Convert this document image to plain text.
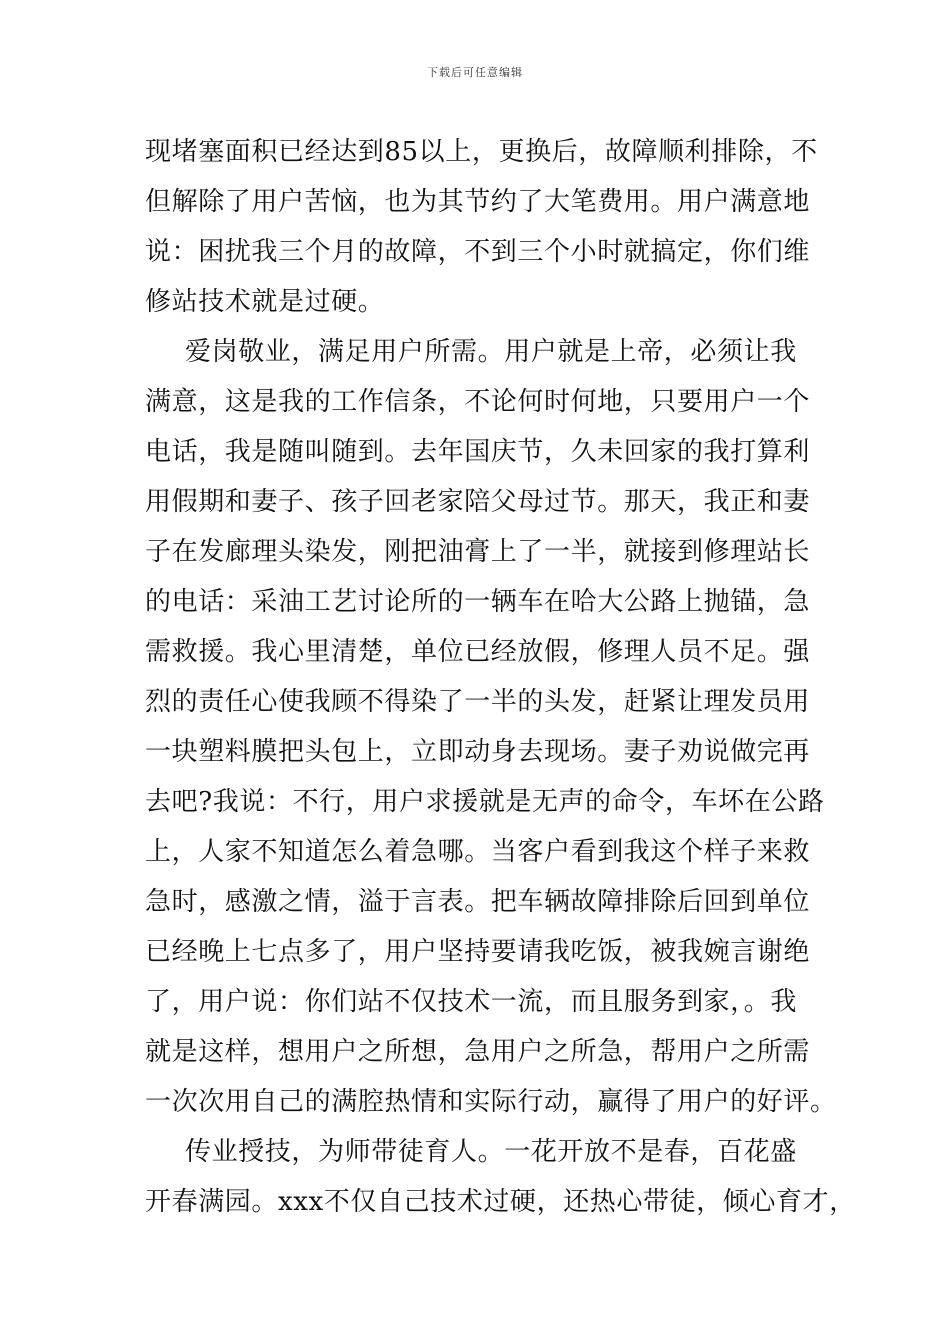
下载后可任意编辑
现堵塞面积已经达到85以上，更换后，故障顺利排除，不
但解除了用户苦恼，也为其节约了大笔费用。用户满意地
说：困扰我三个月的故障，不到三个小时就搞定，你们维
修站技术就是过硬。
爱岗敬业，满足用户所需。用户就是上帝，必须让我
满意，这是我的工作信条，不论何时何地，只要用户一个
电话，我是随叫随到。去年国庆节，久未回家的我打算利
用假期和妻子、孩子回老家陪父母过节。那天，我正和妻
子在发廊理头染发，刚把油膏上了一半，就接到修理站长
的电话：采油工艺讨论所的一辆车在哈大公路上抛锚，急
需救援。我心里清楚，单位已经放假，修理人员不足。强
烈的责任心使我顾不得染了一半的头发，赶紧让理发员用
一块塑料膜把头包上，立即动身去现场。妻子劝说做完再
去吧?我说：不行，用户求援就是无声的命令，车坏在公路
上，人家不知道怎么着急哪。当客户看到我这个样子来救
急时，感激之情，溢于言表。把车辆故障排除后回到单位
已经晚上七点多了，用户坚持要请我吃饭，被我婉言谢绝
了，用户说：你们站不仅技术一流，而且服务到家，。我
就是这样，想用户之所想，急用户之所急，帮用户之所需
一次次用自己的满腔热情和实际行动，赢得了用户的好评。
传业授技，为师带徒育人。一花开放不是春，百花盛
开春满园。xxx不仅自己技术过硬，还热心带徒，倾心育才，
